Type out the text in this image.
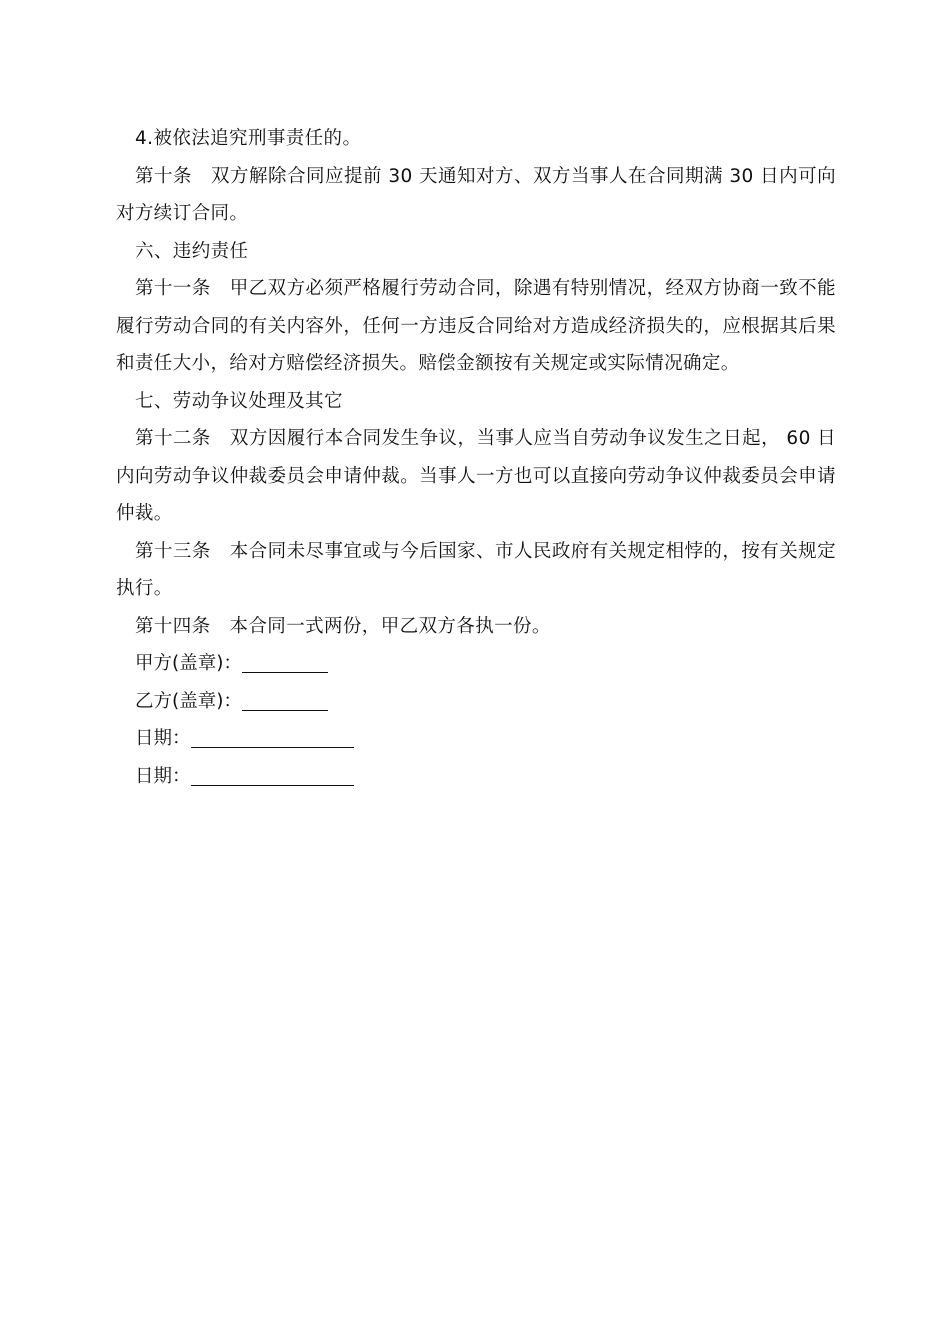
4.被依法追究刑事责任的。

第十条　双方解除合同应提前 30 天通知对方、双方当事人在合同期满 30 日内可向对方续订合同。

六、违约责任

第十一条　甲乙双方必须严格履行劳动合同，除遇有特别情况，经双方协商一致不能履行劳动合同的有关内容外，任何一方违反合同给对方造成经济损失的，应根据其后果和责任大小，给对方赔偿经济损失。赔偿金额按有关规定或实际情况确定。

七、劳动争议处理及其它

第十二条　双方因履行本合同发生争议，当事人应当自劳动争议发生之日起， 60 日内向劳动争议仲裁委员会申请仲裁。当事人一方也可以直接向劳动争议仲裁委员会申请仲裁。

第十三条　本合同未尽事宜或与今后国家、市人民政府有关规定相悖的，按有关规定执行。

第十四条　本合同一式两份，甲乙双方各执一份。

甲方(盖章)：
乙方(盖章)：
日期：
日期：
